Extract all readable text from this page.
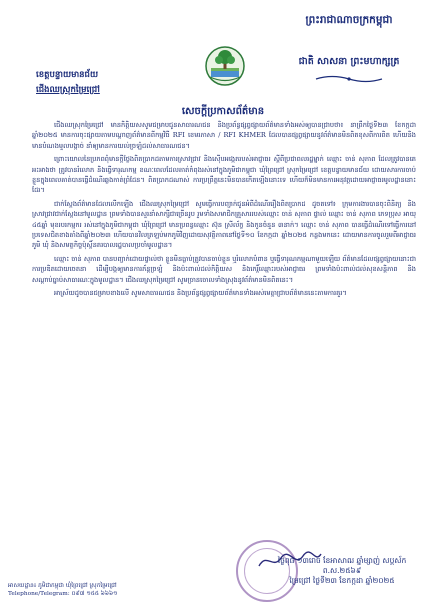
ព្រះរាជាណាចក្រកម្ពុជា
ជាតិ សាសនា ព្រះមហាក្សត្រ
ខេត្តបន្ទាយមានជ័យ
ជើងឈស្រុកម្រៃជ្រៅ
សេចក្តីប្រកាសព័ត៌មាន

ជើងឈស្រុកម្រៃជ្រៅ មានកិត្តិយសសូមជម្រាបជូនសាធារណជន និងប្រព័ន្ធផ្សព្វផ្សាយព័ត៌មានទាំងអស់ឲ្យបានជ្រាបថា៖ នាព្រឹកថ្ងៃទី២៣ ខែកក្កដា ឆ្នាំ២០២៥ មានការចុះផ្សាយតាមបណ្តាញព័ត៌មានពីកម្មវិធី RFI ខេមរភាសា / RFI KHMER ដែលបានផ្សព្វផ្សាយនូវព័ត៌មានមិនពិតខុសពីការពិត ហើយនិងមានបំណងមួលបង្កាច់ នាំឲ្យមានការយល់ច្រឡំដល់សាធារណជន។

ព្រោះយោលនៃប្រភពពុំមានក្តីថ្លែងពិតប្រាកដតាមការស្រាវជ្រាវ និងស៊ើបអង្កេតរបស់អាជ្ញាធរ ស្តីពីប្រជាពលរដ្ឋម្នាក់ ឈ្មោះ ចាន់ សុភាព ដែលត្រូវបានគេអះអាងថា ត្រូវបានរំលោភ និងធ្វើទារុណកម្ម ខណៈពេលដែលគាត់កំពុងរស់នៅក្នុងភូមិជាកម្ពុជា ឃុំព្រៃជ្រៅ ស្រុកម្រៃជ្រៅ ខេត្តបន្ទាយមានជ័យ ដោយសារការចាប់ខ្លួនក្នុងពេលគាត់បានធ្វើដំណើរឆ្លងកាត់ព្រំដែន។ ពិតប្រាកដណាស់ ការប្រព្រឹត្តនេះមិនបានកើតឡើងនោះទេ ហើយក៏មិនមានការអនុវត្តដោយអាជ្ញាធរមូលដ្ឋាននោះដែរ។

ជាក់ស្តែងព័ត៌មានដែលលើកឡើង ជើងឈស្រុកម្រៃជ្រៅ សូមធ្វើការបញ្ជាក់ជូនអំពីដំណើររឿងពិតប្រាកដ ដូចតទៅ៖ ក្រុមការងារបានចុះពិនិត្យ និងស្រាវជ្រាវជាក់ស្តែងនៅមូលដ្ឋាន ព្រមទាំងបានសួរនាំសាក្សីជាច្រើនរូប រួមទាំងសមាជិកគ្រួសាររបស់ឈ្មោះ ចាន់ សុភាព ផ្ទាល់ ឈ្មោះ ចាន់ សុភាព ភេទប្រុស អាយុ ៤៥ឆ្នាំ មុខរបរកម្មករ រស់នៅក្នុងភូមិជាកម្ពុជា ឃុំព្រៃជ្រៅ មានប្រពន្ធឈ្មោះ ស៊ុន ស្រីល័ក្ខ និងកូនចំនួន ៣នាក់។ ឈ្មោះ ចាន់ សុភាព បានធ្វើដំណើរទៅធ្វើការនៅប្រទេសជិតខាងតាំងពីឆ្នាំ២០២៣ ហើយបានវិលត្រឡប់មកភូមិវិញដោយសុវត្ថិភាពនៅថ្ងៃទី១០ ខែកក្កដា ឆ្នាំ២០២៥ កន្លងមកនេះ ដោយមានការចូលរួមពីអាជ្ញាធរភូមិ ឃុំ និងសមត្ថកិច្ចប៉ុស្តិ៍នគរបាលរដ្ឋបាលប្រចាំមូលដ្ឋាន។

ឈ្មោះ ចាន់ សុភាព បានបញ្ជាក់ដោយផ្ទាល់ថា ខ្លួនមិនធ្លាប់ត្រូវបានចាប់ខ្លួន ឬរំលោភបំពាន ឬធ្វើទារុណកម្មណាមួយឡើយ ព័ត៌មានដែលផ្សព្វផ្សាយនោះជាការប្រឌិតដោយចេតនា ដើម្បីបង្កឲ្យមានការភ័ន្តច្រឡំ និងប៉ះពាល់ដល់កិត្តិយស និងកេរ្តិ៍ឈ្មោះរបស់អាជ្ញាធរ ព្រមទាំងប៉ះពាល់ដល់សុខសន្តិភាព និងសណ្តាប់ធ្នាប់សាធារណៈក្នុងមូលដ្ឋាន។ ជើងឈស្រុកម្រៃជ្រៅ សូមច្រានចោលទាំងស្រុងនូវព័ត៌មានមិនពិតនេះ។

អាស្រ័យដូចបានជម្រាបខាងលើ សូមសាធារណជន និងប្រព័ន្ធផ្សព្វផ្សាយព័ត៌មានទាំងអស់មេត្តាជ្រាបព័ត៌មាននេះតាមការគួរ។

ថ្ងៃពុធ ១៣រោច ខែអាសាឍ ឆ្នាំម្សាញ់ សប្តស័ក ព.ស.២៥៦៩
ម្រៃជ្រៅ ថ្ងៃទី២៣ ខែកក្កដា ឆ្នាំ២០២៥
អាសយដ្ឋាន៖ ភូមិជាកម្ពុជា ឃុំព្រៃជ្រៅ ស្រុកម្រៃជ្រៅ
Telephone/Telegram: ០៩៧ ១៥៥ ៦៦៦១
